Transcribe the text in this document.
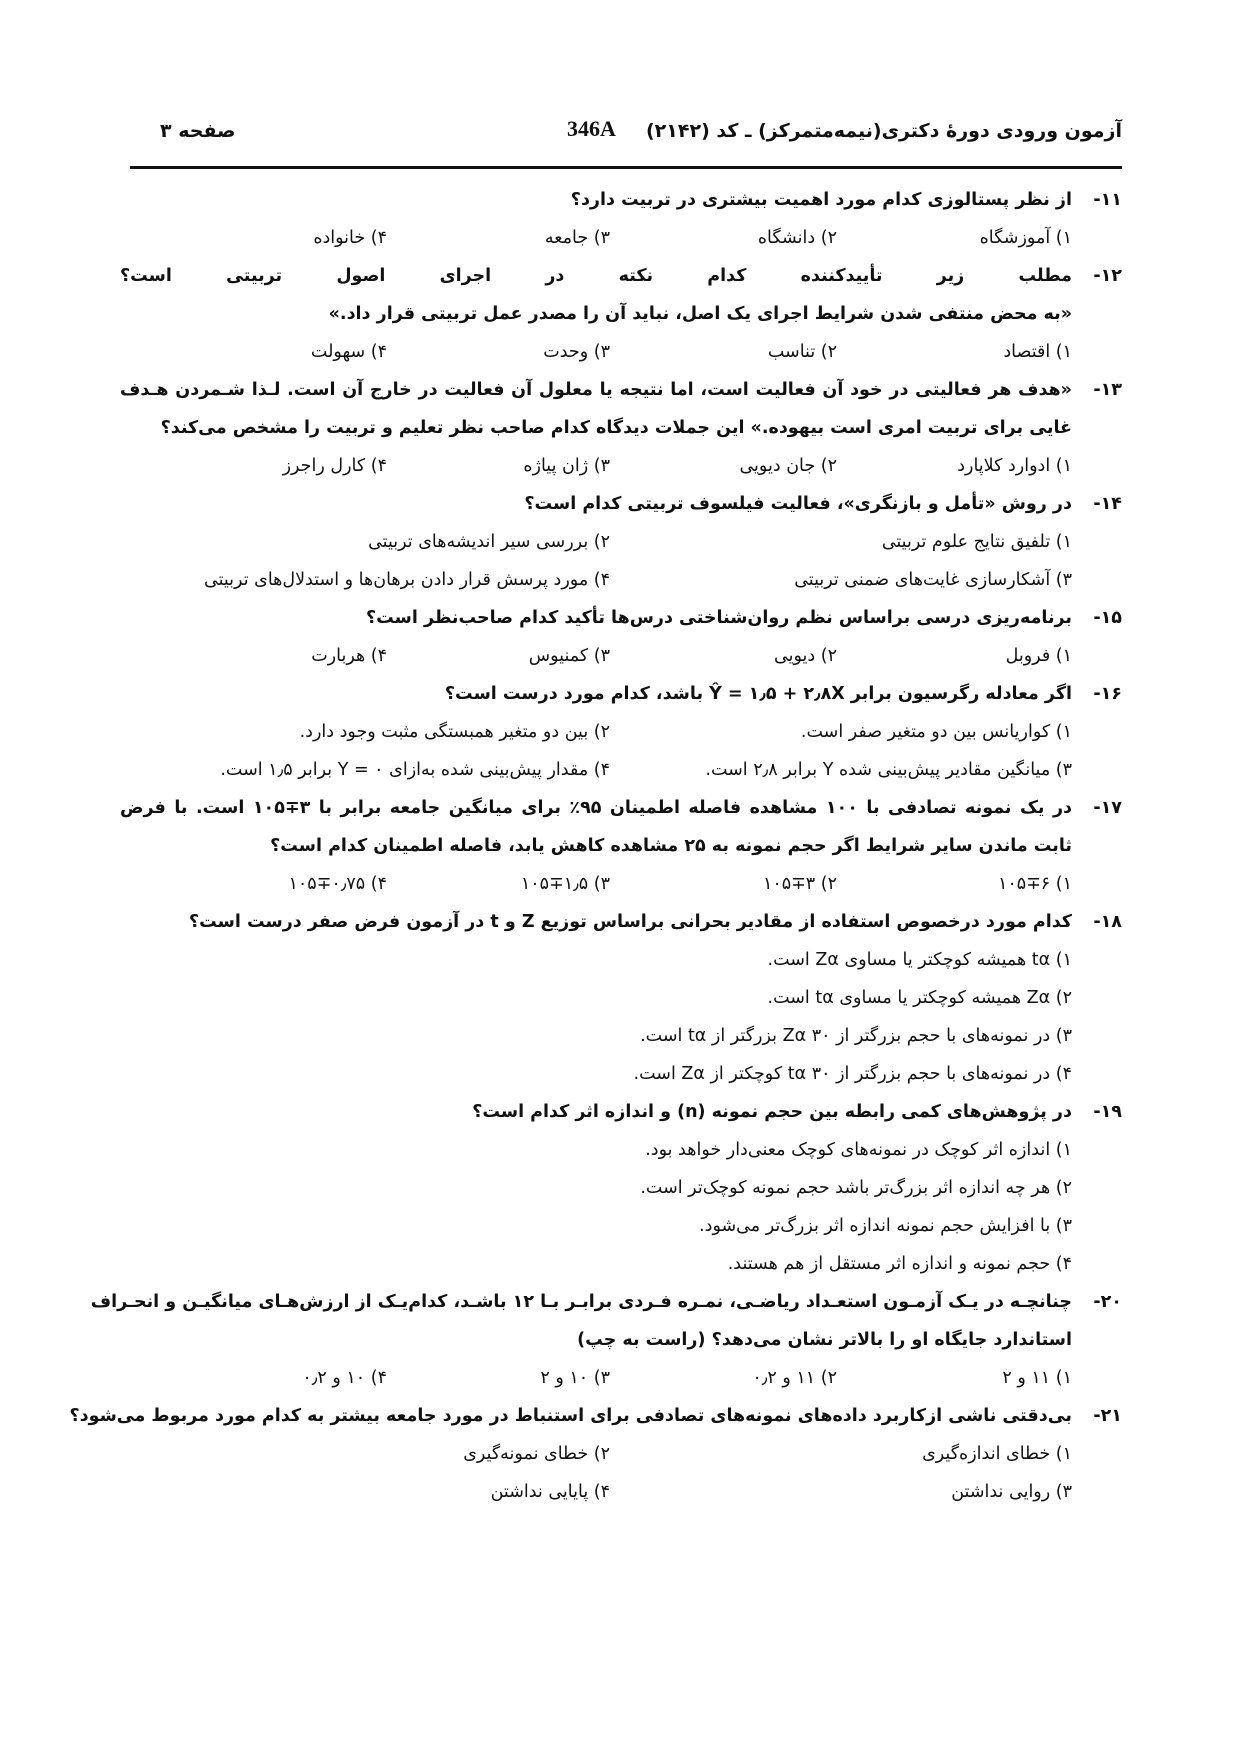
آزمون ورودی دورهٔ دکتری(نیمه‌متمرکز) ـ کد (۲۱۴۲)
346A
صفحه ۳
۱۱-
از نظر پستالوزی کدام مورد اهمیت بیشتری در تربیت دارد؟
۱) آموزشگاه
۲) دانشگاه
۳) جامعه
۴) خانواده
۱۲-
مطلب زیر تأییدکننده کدام نکته در اجرای اصول تربیتی است؟
«به محض منتفی شدن شرایط اجرای یک اصل، نباید آن را مصدر عمل تربیتی قرار داد.»
۱) اقتصاد
۲) تناسب
۳) وحدت
۴) سهولت
۱۳-
«هدف هر فعالیتی در خود آن فعالیت است، اما نتیجه یا معلول آن فعالیت در خارج آن است. لـذا شـمردن هـدف
غایی برای تربیت امری است بیهوده.» این جملات دیدگاه کدام صاحب نظر تعلیم و تربیت را مشخص می‌کند؟
۱) ادوارد کلاپارد
۲) جان دیویی
۳) ژان پیاژه
۴) کارل راجرز
۱۴-
در روش «تأمل و بازنگری»، فعالیت فیلسوف تربیتی کدام است؟
۱) تلفیق نتایج علوم تربیتی
۲) بررسی سیر اندیشه‌های تربیتی
۳) آشکارسازی غایت‌های ضمنی تربیتی
۴) مورد پرسش قرار دادن برهان‌ها و استدلال‌های تربیتی
۱۵-
برنامه‌ریزی درسی براساس نظم روان‌شناختی درس‌ها تأکید کدام صاحب‌نظر است؟
۱) فروبل
۲) دیویی
۳) کمنیوس
۴) هربارت
۱۶-
اگر معادله رگرسیون برابر Ŷ = ۱٫۵ + ۲٫۸X باشد، کدام مورد درست است؟
۱) کواریانس بین دو متغیر صفر است.
۲) بین دو متغیر همبستگی مثبت وجود دارد.
۳) میانگین مقادیر پیش‌بینی شده Y برابر ۲٫۸ است.
۴) مقدار پیش‌بینی شده به‌ازای Y = ۰ برابر ۱٫۵ است.
۱۷-
در یک نمونه تصادفی با ۱۰۰ مشاهده فاصله اطمینان ۹۵٪ برای میانگین جامعه برابر با ۳∓۱۰۵ است. با فرض
ثابت ماندن سایر شرایط اگر حجم نمونه به ۲۵ مشاهده کاهش یابد، فاصله اطمینان کدام است؟
۱) ۱۰۵∓۶
۲) ۱۰۵∓۳
۳) ۱۰۵∓۱٫۵
۴) ۱۰۵∓۰٫۷۵
۱۸-
کدام مورد درخصوص استفاده از مقادیر بحرانی براساس توزیع Z و t در آزمون فرض صفر درست است؟
۱) tα همیشه کوچکتر یا مساوی Zα است.
۲) Zα همیشه کوچکتر یا مساوی tα است.
۳) در نمونه‌های با حجم بزرگتر از ۳۰ Zα بزرگتر از tα است.
۴) در نمونه‌های با حجم بزرگتر از ۳۰ tα کوچکتر از Zα است.
۱۹-
در پژوهش‌های کمی رابطه بین حجم نمونه (n) و اندازه اثر کدام است؟
۱) اندازه اثر کوچک در نمونه‌های کوچک معنی‌دار خواهد بود.
۲) هر چه اندازه اثر بزرگ‌تر باشد حجم نمونه کوچک‌تر است.
۳) با افزایش حجم نمونه اندازه اثر بزرگ‌تر می‌شود.
۴) حجم نمونه و اندازه اثر مستقل از هم هستند.
۲۰-
چنانچـه در یـک آزمـون استعـداد ریاضـی، نمـره فـردی برابـر بـا ۱۲ باشـد، کدام‌یـک از ارزش‌هـای میانگیـن و انحـراف
استاندارد جایگاه او را بالاتر نشان می‌دهد؟ (راست به چپ)
۱) ۱۱ و ۲
۲) ۱۱ و ۰٫۲
۳) ۱۰ و ۲
۴) ۱۰ و ۰٫۲
۲۱-
بی‌دقتی ناشی ازکاربرد داده‌های نمونه‌های تصادفی برای استنباط در مورد جامعه بیشتر به کدام مورد مربوط می‌شود؟
۱) خطای اندازه‌گیری
۲) خطای نمونه‌گیری
۳) روایی نداشتن
۴) پایایی نداشتن
